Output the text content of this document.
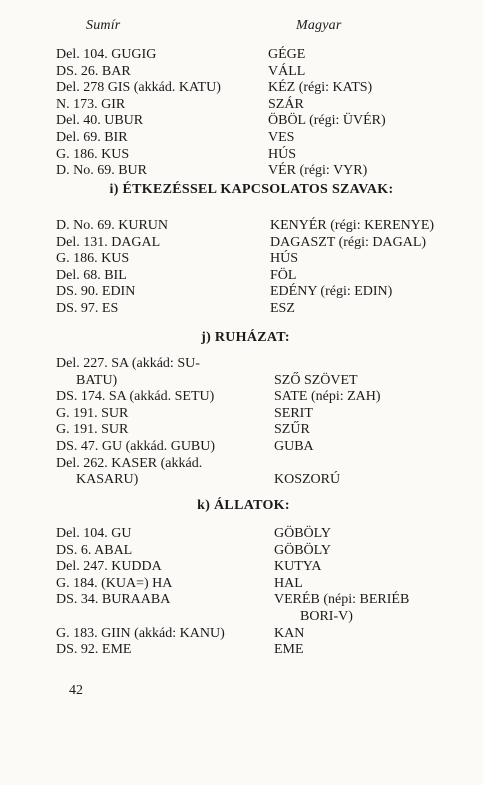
Sumír	Magyar
Del. 104. GUGIG	GÉGE
DS. 26. BAR	VÁLL
Del. 278 GIS (akkád. KATU)	KÉZ (régi: KATS)
N. 173. GIR	SZÁR
Del. 40. UBUR	ÖBÖL (régi: ÜVÉR)
Del. 69. BIR	VES
G. 186. KUS	HÚS
D. No. 69. BUR	VÉR (régi: VYR)
i) ÉTKEZÉSSEL KAPCSOLATOS SZAVAK:
D. No. 69. KURUN	KENYÉR (régi: KERENYE)
Del. 131. DAGAL	DAGASZT (régi: DAGAL)
G. 186. KUS	HÚS
Del. 68. BIL	FÖL
DS. 90. EDIN	EDÉNY (régi: EDIN)
DS. 97. ES	ESZ
j) RUHÁZAT:
Del. 227. SA (akkád: SU-
BATU)	SZŐ SZÖVET
DS. 174. SA (akkád. SETU)	SATE (népi: ZAH)
G. 191. SUR	SERIT
G. 191. SUR	SZŰR
DS. 47. GU (akkád. GUBU)	GUBA
Del. 262. KASER (akkád.
KASARU)	KOSZORÚ
k) ÁLLATOK:
Del. 104. GU	GÖBÖLY
DS. 6. ABAL	GÖBÖLY
Del. 247. KUDDA	KUTYA
G. 184. (KUA=) HA	HAL
DS. 34. BURAABA	VERÉB (népi: BERIÉB
BORI-V)
G. 183. GIIN (akkád: KANU)	KAN
DS. 92. EME	EME
42
